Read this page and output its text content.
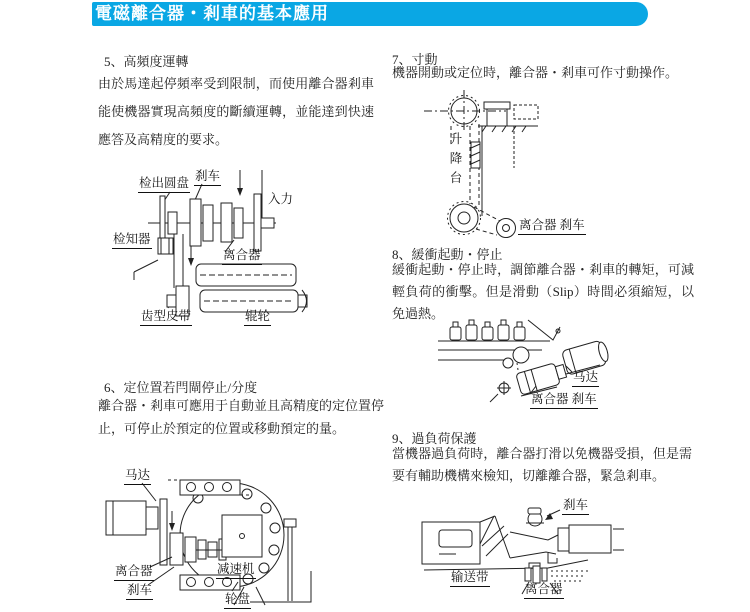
電磁離合器・剎車的基本應用
5、高頻度運轉
由於馬達起停頻率受到限制，而使用離合器剎車能使機器實現高頻度的斷續運轉，並能達到快速應答及高精度的要求。
检出圆盘 刹车
入力
检知器
离合器
齿型皮带	辊轮
6、定位置若閂閘停止/分度
離合器・剎車可應用于自動並且高精度的定位置停止，可停止於預定的位置或移動預定的量。
马达
离合器
刹车
减速机
轮盘
7、寸動
機器開動或定位時，離合器・剎車可作寸動操作。
升降台
离合器 刹车
8、緩衝起動・停止
緩衝起動・停止時，調節離合器・剎車的轉矩，可減輕負荷的衝擊。但是滑動（Slip）時間必須縮短，以免過熱。
马达
离合器 刹车
9、過負荷保護
當機器過負荷時，離合器打滑以免機器受損，但是需要有輔助機構來檢知，切離離合器，緊急剎車。
刹车
输送带
离合器
